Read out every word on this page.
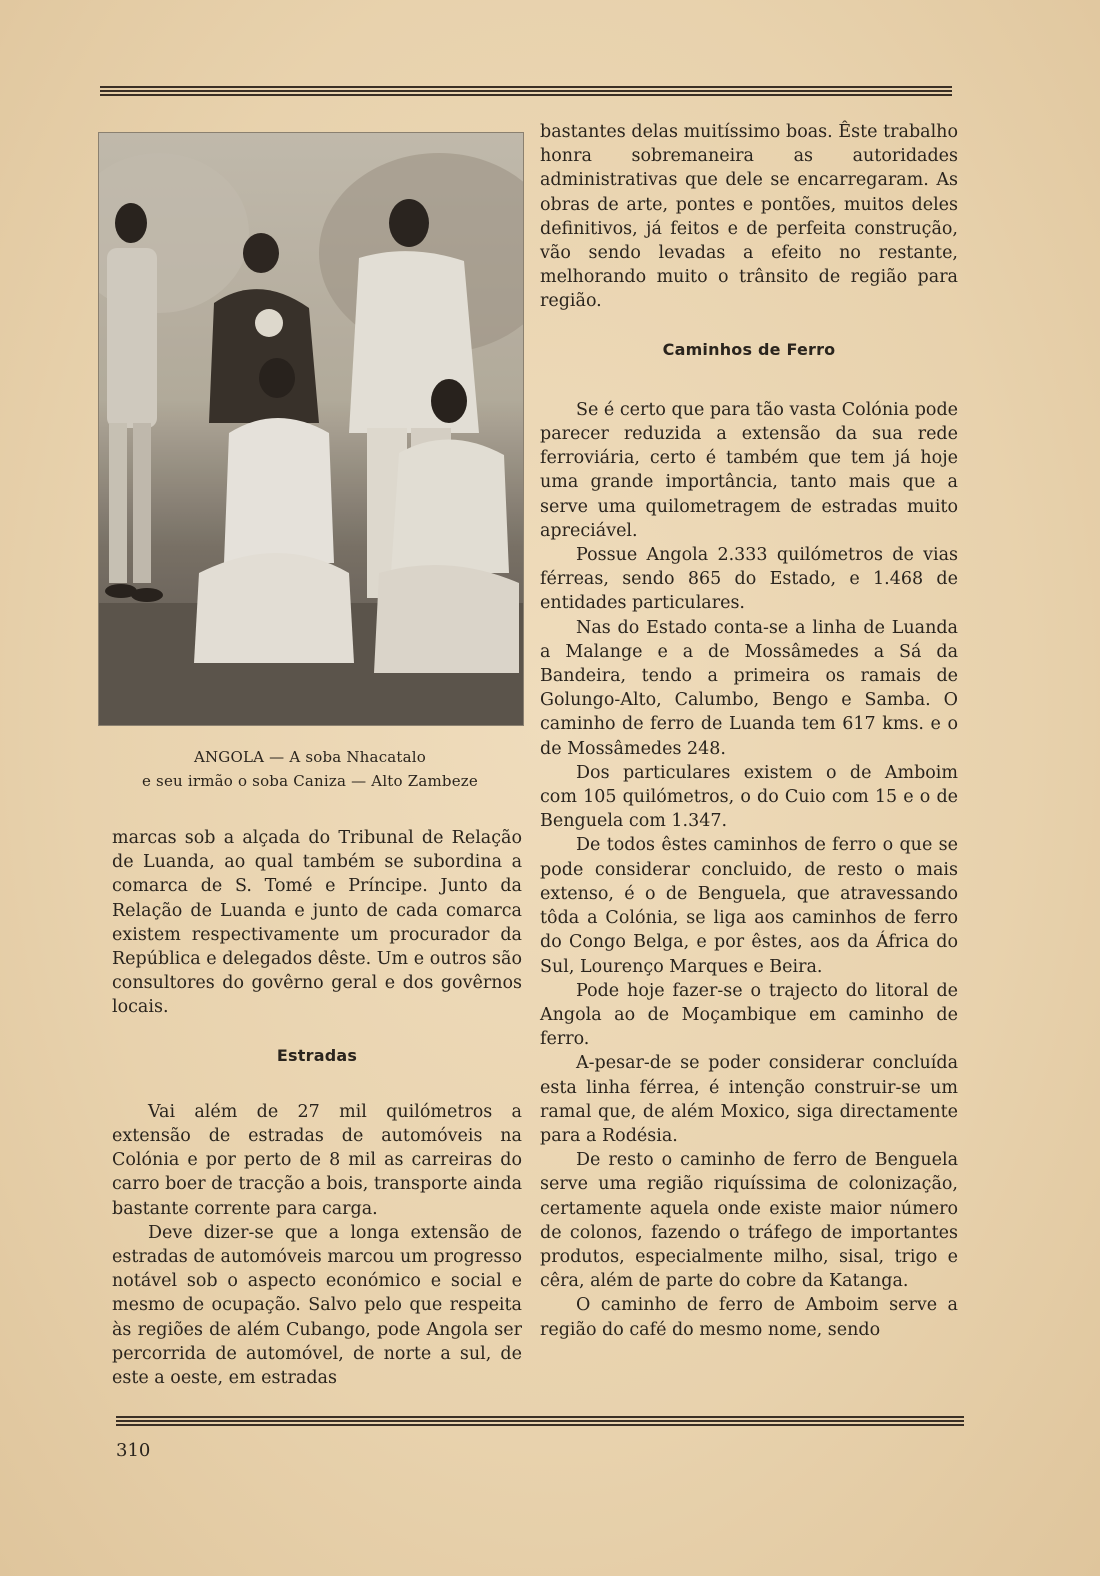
ANGOLA — A soba Nhacatalo
e seu irmão o soba Caniza — Alto Zambeze

marcas sob a alçada do Tribunal de Relação de Luanda, ao qual também se subordina a comarca de S. Tomé e Príncipe. Junto da Relação de Luanda e junto de cada comarca existem respectivamente um procurador da República e delegados dêste. Um e outros são consultores do govêrno geral e dos govêrnos locais.

Estradas

Vai além de 27 mil quilómetros a extensão de estradas de automóveis na Colónia e por perto de 8 mil as carreiras do carro boer de tracção a bois, transporte ainda bastante corrente para carga.

Deve dizer-se que a longa extensão de estradas de automóveis marcou um progresso notável sob o aspecto económico e social e mesmo de ocupação. Salvo pelo que respeita às regiões de além Cubango, pode Angola ser percorrida de automóvel, de norte a sul, de este a oeste, em estradas

bastantes delas muitíssimo boas. Êste trabalho honra sobremaneira as autoridades administrativas que dele se encarregaram. As obras de arte, pontes e pontões, muitos deles definitivos, já feitos e de perfeita construção, vão sendo levadas a efeito no restante, melhorando muito o trânsito de região para região.

Caminhos de Ferro

Se é certo que para tão vasta Colónia pode parecer reduzida a extensão da sua rede ferroviária, certo é também que tem já hoje uma grande importância, tanto mais que a serve uma quilometragem de estradas muito apreciável.

Possue Angola 2.333 quilómetros de vias férreas, sendo 865 do Estado, e 1.468 de entidades particulares.

Nas do Estado conta-se a linha de Luanda a Malange e a de Mossâmedes a Sá da Bandeira, tendo a primeira os ramais de Golungo-Alto, Calumbo, Bengo e Samba. O caminho de ferro de Luanda tem 617 kms. e o de Mossâmedes 248.

Dos particulares existem o de Amboim com 105 quilómetros, o do Cuio com 15 e o de Benguela com 1.347.

De todos êstes caminhos de ferro o que se pode considerar concluido, de resto o mais extenso, é o de Benguela, que atravessando tôda a Colónia, se liga aos caminhos de ferro do Congo Belga, e por êstes, aos da África do Sul, Lourenço Marques e Beira.

Pode hoje fazer-se o trajecto do litoral de Angola ao de Moçambique em caminho de ferro.

A-pesar-de se poder considerar concluída esta linha férrea, é intenção construir-se um ramal que, de além Moxico, siga directamente para a Rodésia.

De resto o caminho de ferro de Benguela serve uma região riquíssima de colonização, certamente aquela onde existe maior número de colonos, fazendo o tráfego de importantes produtos, especialmente milho, sisal, trigo e cêra, além de parte do cobre da Katanga.

O caminho de ferro de Amboim serve a região do café do mesmo nome, sendo

310
